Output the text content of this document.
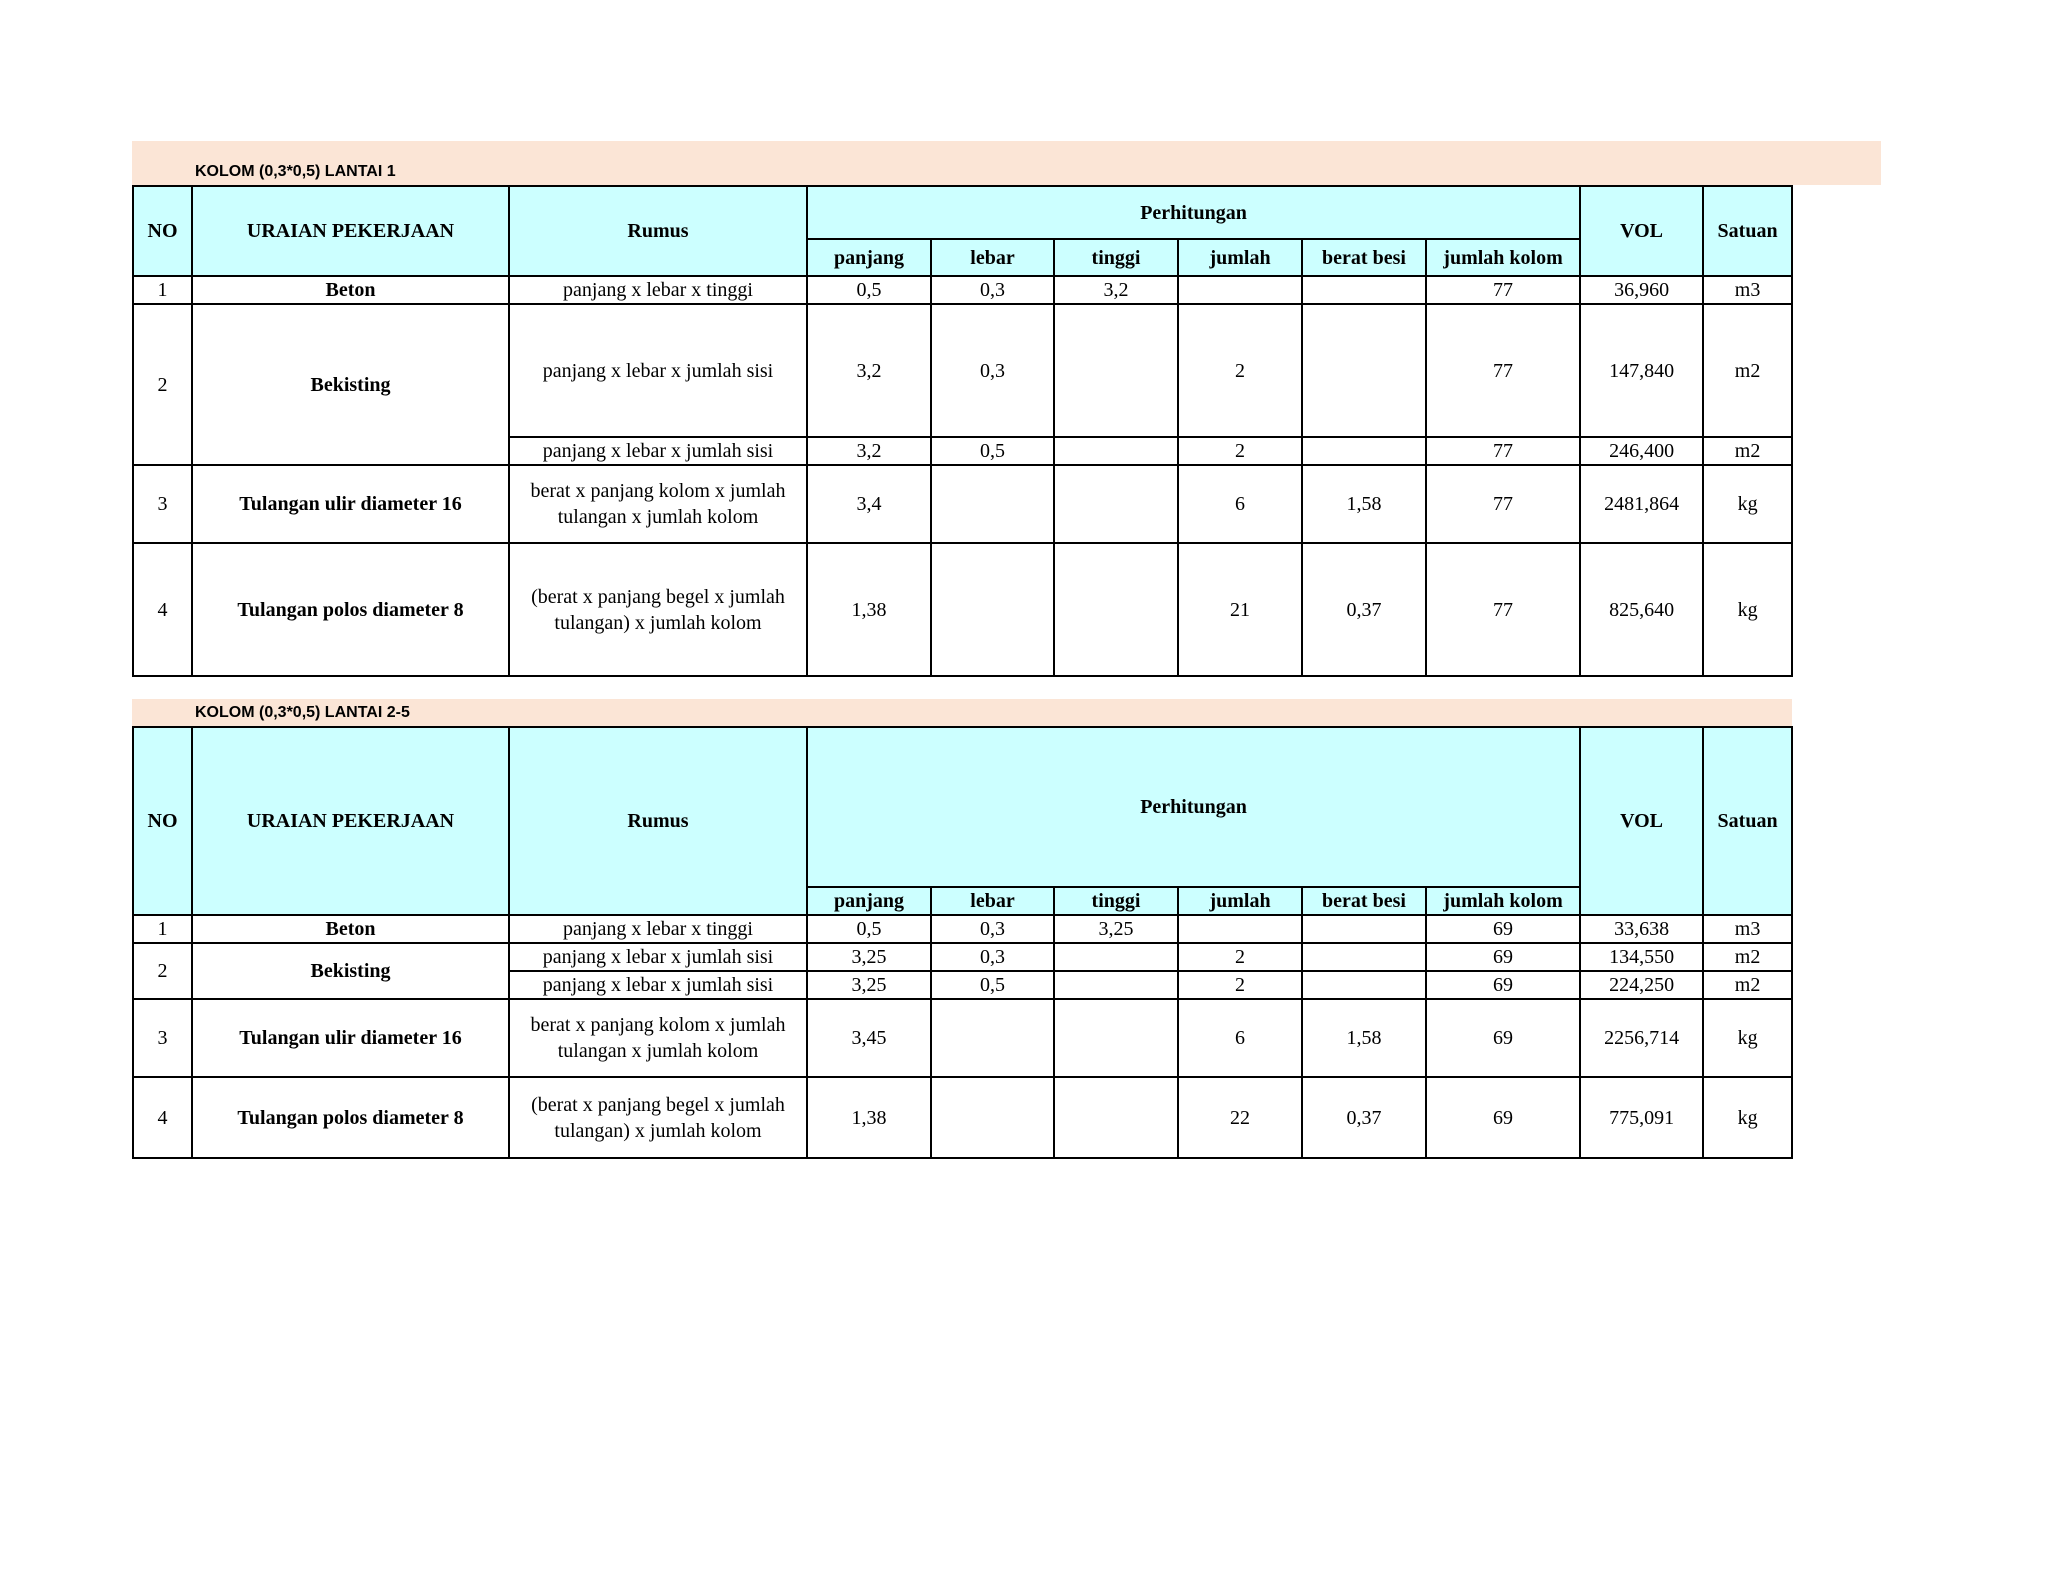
KOLOM (0,3*0,5) LANTAI 1
NO	URAIAN PEKERJAAN	Rumus	Perhitungan						VOL	Satuan
			panjang	lebar	tinggi	jumlah	berat besi	jumlah kolom		
1	Beton	panjang x lebar x tinggi	0,5	0,3	3,2			77	36,960	m3
2	Bekisting	panjang x lebar x jumlah sisi	3,2	0,3		2		77	147,840	m2
		panjang x lebar x jumlah sisi	3,2	0,5		2		77	246,400	m2
3	Tulangan ulir diameter 16	berat x panjang kolom x jumlah tulangan x jumlah kolom	3,4			6	1,58	77	2481,864	kg
4	Tulangan polos diameter 8	(berat x panjang begel x jumlah tulangan) x jumlah kolom	1,38			21	0,37	77	825,640	kg
KOLOM (0,3*0,5) LANTAI 2-5
NO	URAIAN PEKERJAAN	Rumus	Perhitungan						VOL	Satuan
			panjang	lebar	tinggi	jumlah	berat besi	jumlah kolom		
1	Beton	panjang x lebar x tinggi	0,5	0,3	3,25			69	33,638	m3
2	Bekisting	panjang x lebar x jumlah sisi	3,25	0,3		2		69	134,550	m2
		panjang x lebar x jumlah sisi	3,25	0,5		2		69	224,250	m2
3	Tulangan ulir diameter 16	berat x panjang kolom x jumlah tulangan x jumlah kolom	3,45			6	1,58	69	2256,714	kg
4	Tulangan polos diameter 8	(berat x panjang begel x jumlah tulangan) x jumlah kolom	1,38			22	0,37	69	775,091	kg
